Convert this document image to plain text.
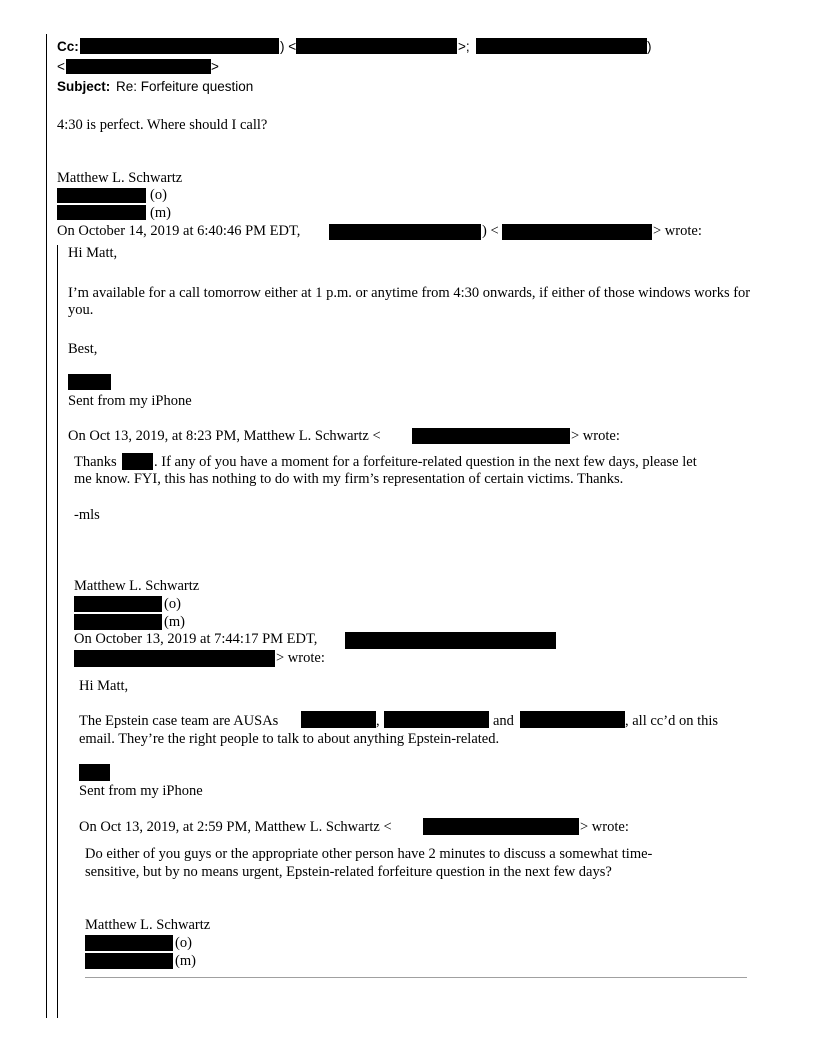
Cc:	) <	>;	)
<	>
Subject: Re: Forfeiture question
4:30 is perfect. Where should I call?
Matthew L. Schwartz
(o)
(m)
On October 14, 2019 at 6:40:46 PM EDT,	) <	> wrote:
Hi Matt,
I’m available for a call tomorrow either at 1 p.m. or anytime from 4:30 onwards, if either of those windows works for you.
Best,
Sent from my iPhone
On Oct 13, 2019, at 8:23 PM, Matthew L. Schwartz <	> wrote:
Thanks	. If any of you have a moment for a forfeiture-related question in the next few days, please let
me know. FYI, this has nothing to do with my firm’s representation of certain victims. Thanks.
-mls
Matthew L. Schwartz
(o)
(m)
On October 13, 2019 at 7:44:17 PM EDT,
> wrote:
Hi Matt,
The Epstein case team are AUSAs	,	and	, all cc’d on this
email. They’re the right people to talk to about anything Epstein-related.
Sent from my iPhone
On Oct 13, 2019, at 2:59 PM, Matthew L. Schwartz <	> wrote:
Do either of you guys or the appropriate other person have 2 minutes to discuss a somewhat time-
sensitive, but by no means urgent, Epstein-related forfeiture question in the next few days?
Matthew L. Schwartz
(o)
(m)
